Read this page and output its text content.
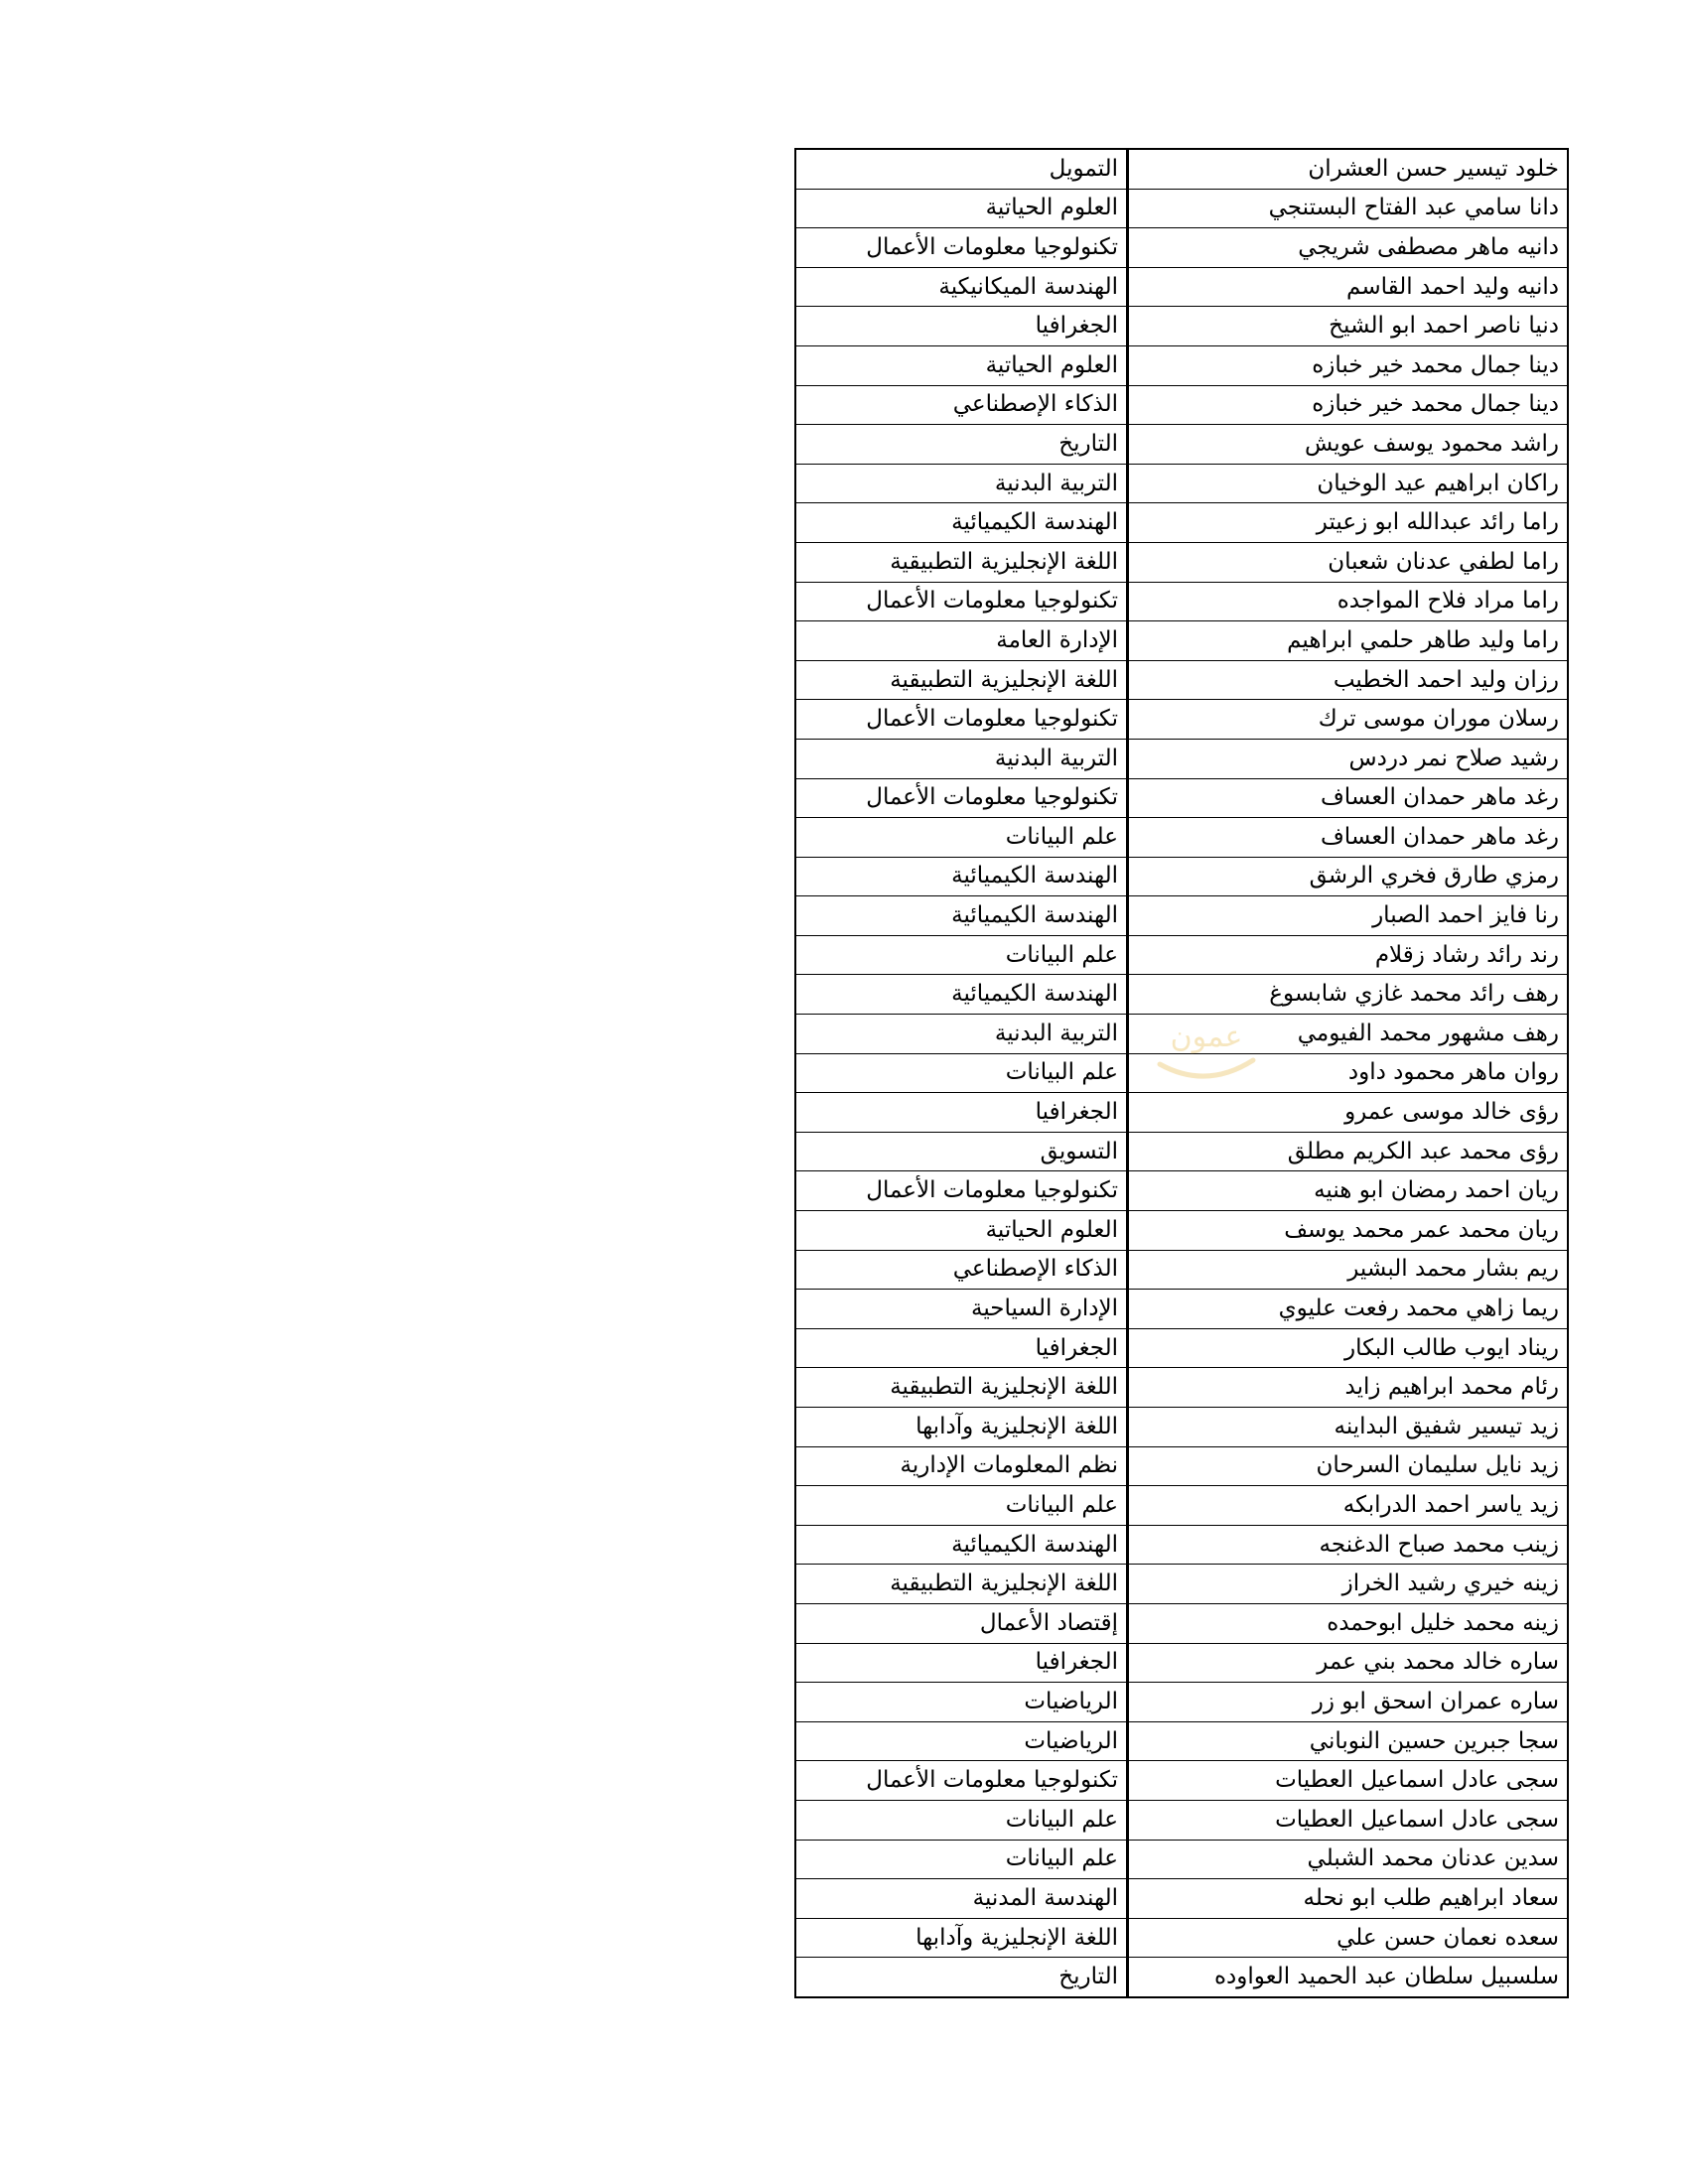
خلود تيسير حسن العشران	التمويل
دانا سامي عبد الفتاح البستنجي	العلوم الحياتية
دانيه ماهر مصطفى شريجي	تكنولوجيا معلومات الأعمال
دانيه وليد احمد القاسم	الهندسة الميكانيكية
دنيا ناصر احمد ابو الشيخ	الجغرافيا
دينا جمال محمد خير خبازه	العلوم الحياتية
دينا جمال محمد خير خبازه	الذكاء الإصطناعي
راشد محمود يوسف عويش	التاريخ
راكان ابراهيم عيد الوخيان	التربية البدنية
راما رائد عبدالله ابو زعيتر	الهندسة الكيميائية
راما لطفي عدنان شعبان	اللغة الإنجليزية التطبيقية
راما مراد فلاح المواجده	تكنولوجيا معلومات الأعمال
راما وليد طاهر حلمي ابراهيم	الإدارة العامة
رزان وليد احمد الخطيب	اللغة الإنجليزية التطبيقية
رسلان موران موسى ترك	تكنولوجيا معلومات الأعمال
رشيد صلاح نمر دردس	التربية البدنية
رغد ماهر حمدان العساف	تكنولوجيا معلومات الأعمال
رغد ماهر حمدان العساف	علم البيانات
رمزي طارق فخري الرشق	الهندسة الكيميائية
رنا فايز احمد الصبار	الهندسة الكيميائية
رند رائد رشاد زقلام	علم البيانات
رهف رائد محمد غازي شابسوغ	الهندسة الكيميائية
رهف مشهور محمد الفيومي	التربية البدنية
روان ماهر محمود داود	علم البيانات
رؤى خالد موسى عمرو	الجغرافيا
رؤى محمد عبد الكريم مطلق	التسويق
ريان احمد رمضان ابو هنيه	تكنولوجيا معلومات الأعمال
ريان محمد عمر محمد يوسف	العلوم الحياتية
ريم بشار محمد البشير	الذكاء الإصطناعي
ريما زاهي محمد رفعت عليوي	الإدارة السياحية
ريناد ايوب طالب البكار	الجغرافيا
رئام محمد ابراهيم زايد	اللغة الإنجليزية التطبيقية
زيد تيسير شفيق البداينه	اللغة الإنجليزية وآدابها
زيد نايل سليمان السرحان	نظم المعلومات الإدارية
زيد ياسر احمد الدرابكه	علم البيانات
زينب محمد صباح الدغنجه	الهندسة الكيميائية
زينه خيري رشيد الخراز	اللغة الإنجليزية التطبيقية
زينه محمد خليل ابوحمده	إقتصاد الأعمال
ساره خالد محمد بني عمر	الجغرافيا
ساره عمران اسحق ابو زر	الرياضيات
سجا جبرين حسين النوباني	الرياضيات
سجى عادل اسماعيل العطيات	تكنولوجيا معلومات الأعمال
سجى عادل اسماعيل العطيات	علم البيانات
سدين عدنان محمد الشبلي	علم البيانات
سعاد ابراهيم طلب ابو نحله	الهندسة المدنية
سعده نعمان حسن علي	اللغة الإنجليزية وآدابها
سلسبيل سلطان عبد الحميد العواوده	التاريخ
عمون
